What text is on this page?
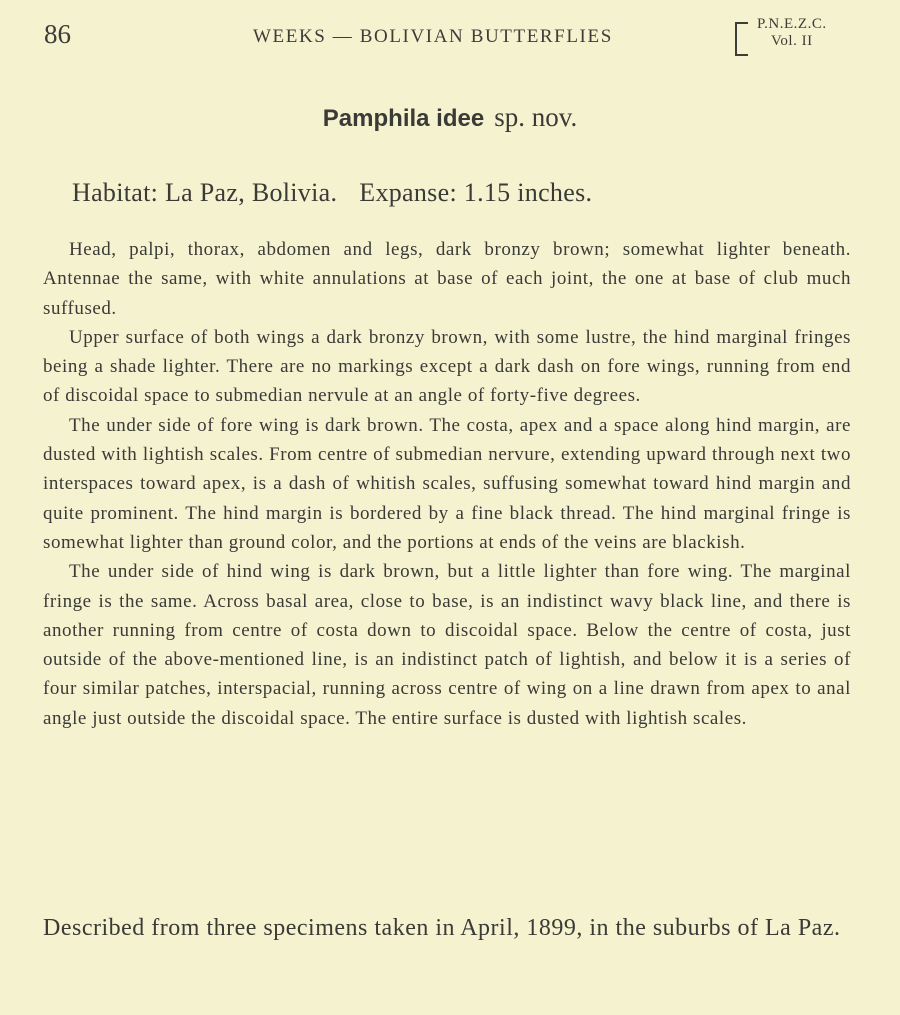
86	WEEKS — BOLIVIAN BUTTERFLIES
P.N.E.Z.C.
Vol. II
Pamphila idee sp. nov.
Habitat: La Paz, Bolivia. Expanse: 1.15 inches.

Head, palpi, thorax, abdomen and legs, dark bronzy brown; somewhat lighter beneath. Antennae the same, with white annulations at base of each joint, the one at base of club much suffused.

Upper surface of both wings a dark bronzy brown, with some lustre, the hind marginal fringes being a shade lighter. There are no markings except a dark dash on fore wings, running from end of discoidal space to submedian nervule at an angle of forty-five degrees.

The under side of fore wing is dark brown. The costa, apex and a space along hind margin, are dusted with lightish scales. From centre of submedian nervure, extending upward through next two interspaces toward apex, is a dash of whitish scales, suffusing somewhat toward hind margin and quite prominent. The hind margin is bordered by a fine black thread. The hind marginal fringe is somewhat lighter than ground color, and the portions at ends of the veins are blackish.

The under side of hind wing is dark brown, but a little lighter than fore wing. The marginal fringe is the same. Across basal area, close to base, is an indistinct wavy black line, and there is another running from centre of costa down to discoidal space. Below the centre of costa, just outside of the above-mentioned line, is an indistinct patch of lightish, and below it is a series of four similar patches, interspacial, running across centre of wing on a line drawn from apex to anal angle just outside the discoidal space. The entire surface is dusted with lightish scales.

Described from three specimens taken in April, 1899, in the suburbs of La Paz.
